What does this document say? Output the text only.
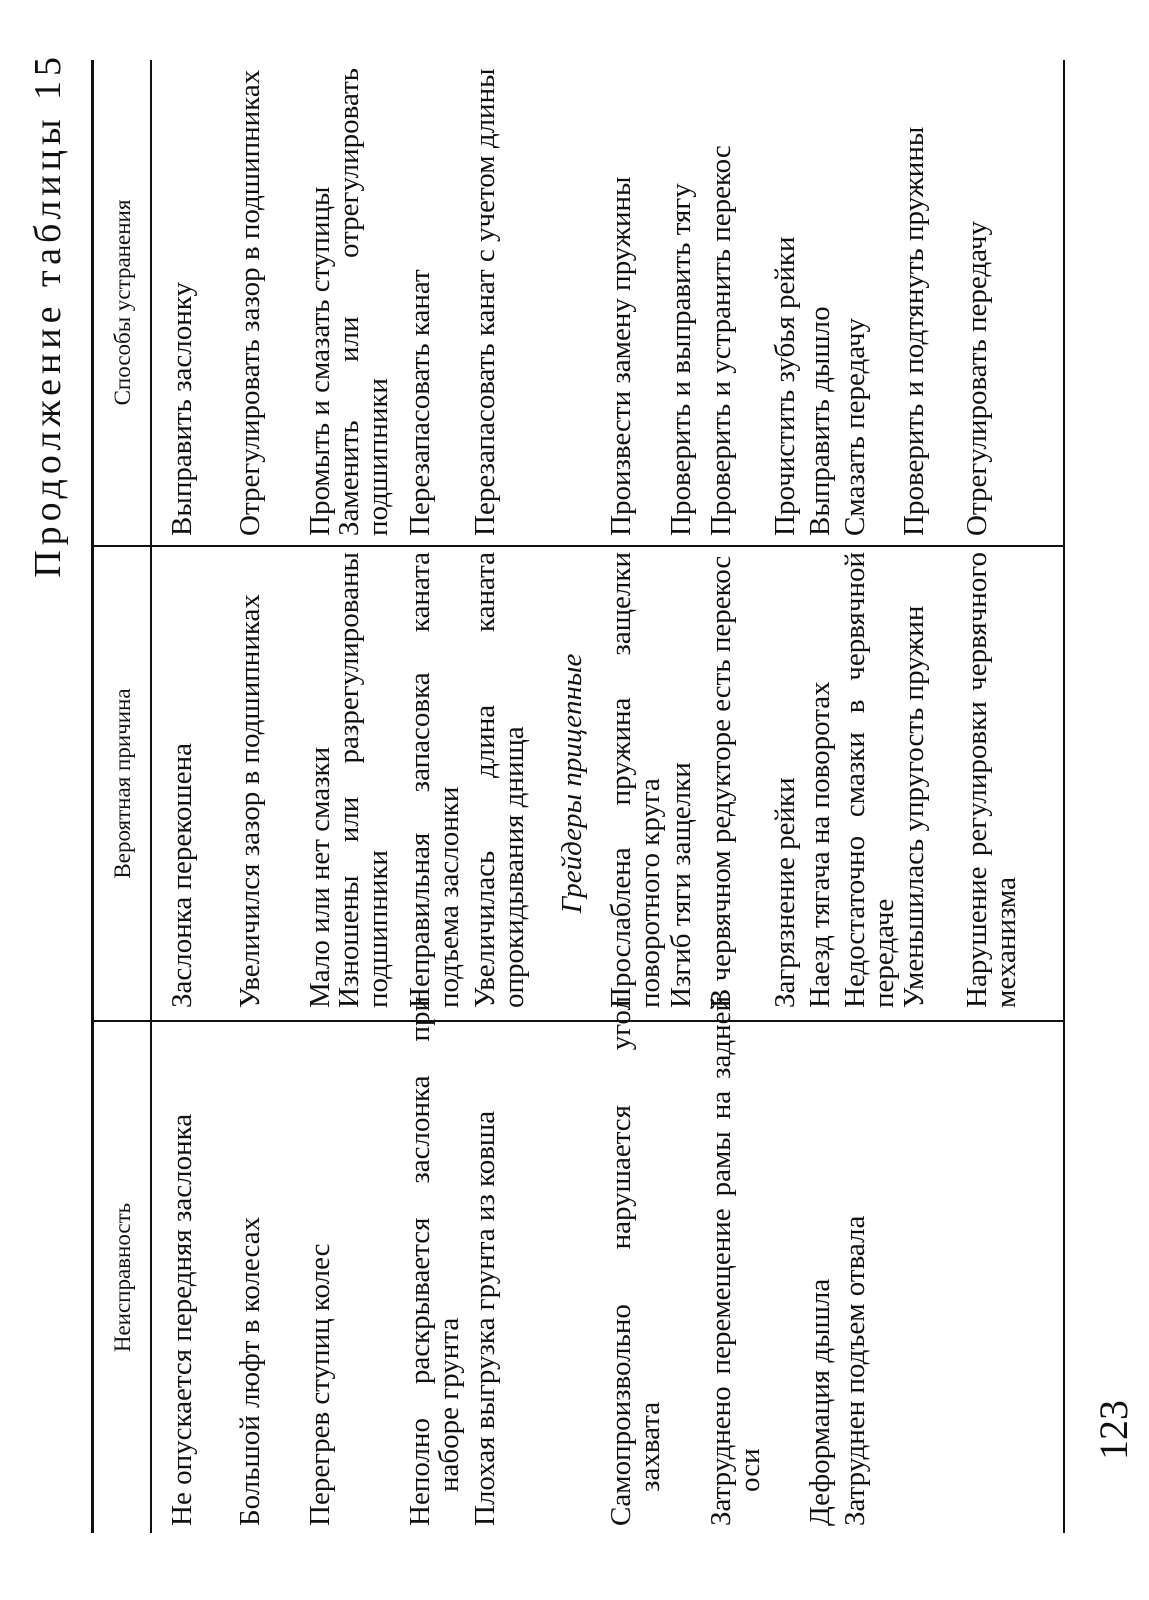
Продолжение таблицы 15
Неисправность
Вероятная причина
Способы устранения
Не опускается передняя заслонка
Заслонка перекошена
Выправить заслонку
Большой люфт в колесах
Увеличился зазор в подшипниках
Отрегулировать зазор в подшипниках
Перегрев ступиц колес
Мало или нет смазки
Промыть и смазать ступицы
Изношены или разрегулированы подшипники
Заменить или отрегулировать подшипники
Неполно раскрывается заслонка при наборе грунта
Неправильная запасовка каната подъема заслонки
Перезапасовать канат
Плохая выгрузка грунта из ковша
Увеличилась длина каната опрокидывания днища
Перезапасовать канат с учетом длины
Грейдеры прицепные
Самопроизвольно нарушается угол захвата
Прослаблена пружина защелки поворотного круга
Произвести замену пружины
Изгиб тяги защелки
Проверить и выправить тягу
Затруднено перемещение рамы на задней оси
В червячном редукторе есть перекос
Проверить и устранить перекос
Загрязнение рейки
Прочистить зубья рейки
Деформация дышла
Наезд тягача на поворотах
Выправить дышло
Затруднен подъем отвала
Недостаточно смазки в червячной передаче
Смазать передачу
Уменьшилась упругость пружин
Проверить и подтянуть пружины
Нарушение регулировки червячного механизма
Отрегулировать передачу
123
